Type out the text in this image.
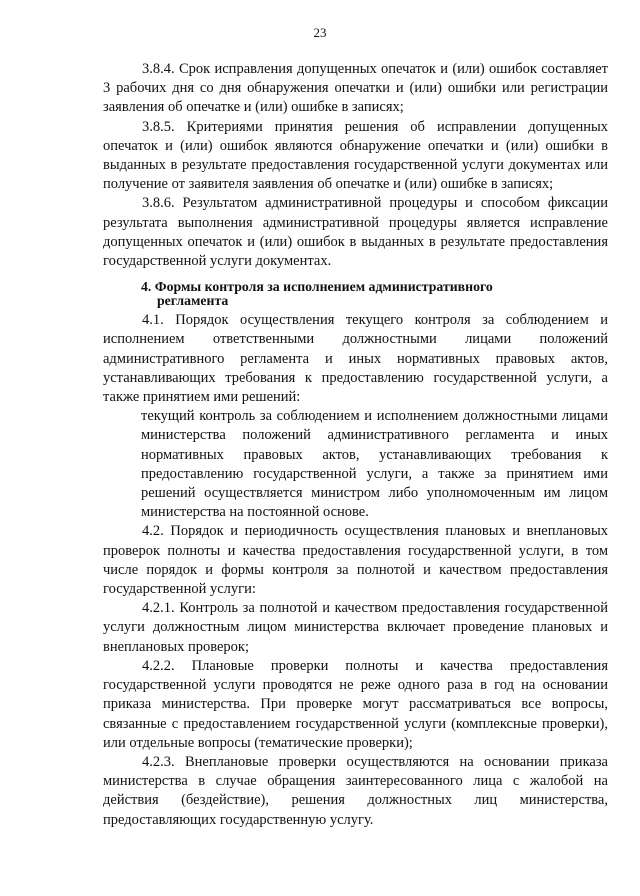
23

3.8.4. Срок исправления допущенных опечаток и (или) ошибок составляет 3 рабочих дня со дня обнаружения опечатки и (или) ошибки или регистрации заявления об опечатке и (или) ошибке в записях;

3.8.5. Критериями принятия решения об исправлении допущенных опечаток и (или) ошибок являются обнаружение опечатки и (или) ошибки в выданных в результате предоставления государственной услуги документах или получение от заявителя заявления об опечатке и (или) ошибке в записях;

3.8.6. Результатом административной процедуры и способом фиксации результата выполнения административной процедуры является исправление допущенных опечаток и (или) ошибок в выданных в результате предоставления государственной услуги документах.

4. Формы контроля за исполнением административного
регламента

4.1. Порядок осуществления текущего контроля за соблюдением и исполнением ответственными должностными лицами положений административного регламента и иных нормативных правовых актов, устанавливающих требования к предоставлению государственной услуги, а также принятием ими решений:

текущий контроль за соблюдением и исполнением должностными лицами министерства положений административного регламента и иных нормативных правовых актов, устанавливающих требования к предоставлению государственной услуги, а также за принятием ими решений осуществляется министром либо уполномоченным им лицом министерства на постоянной основе.

4.2. Порядок и периодичность осуществления плановых и внеплановых проверок полноты и качества предоставления государственной услуги, в том числе порядок и формы контроля за полнотой и качеством предоставления государственной услуги:

4.2.1. Контроль за полнотой и качеством предоставления государственной услуги должностным лицом министерства включает проведение плановых и внеплановых проверок;

4.2.2. Плановые проверки полноты и качества предоставления государственной услуги проводятся не реже одного раза в год на основании приказа министерства. При проверке могут рассматриваться все вопросы, связанные с предоставлением государственной услуги (комплексные проверки), или отдельные вопросы (тематические проверки);

4.2.3. Внеплановые проверки осуществляются на основании приказа министерства в случае обращения заинтересованного лица с жалобой на действия (бездействие), решения должностных лиц министерства, предоставляющих государственную услугу.
